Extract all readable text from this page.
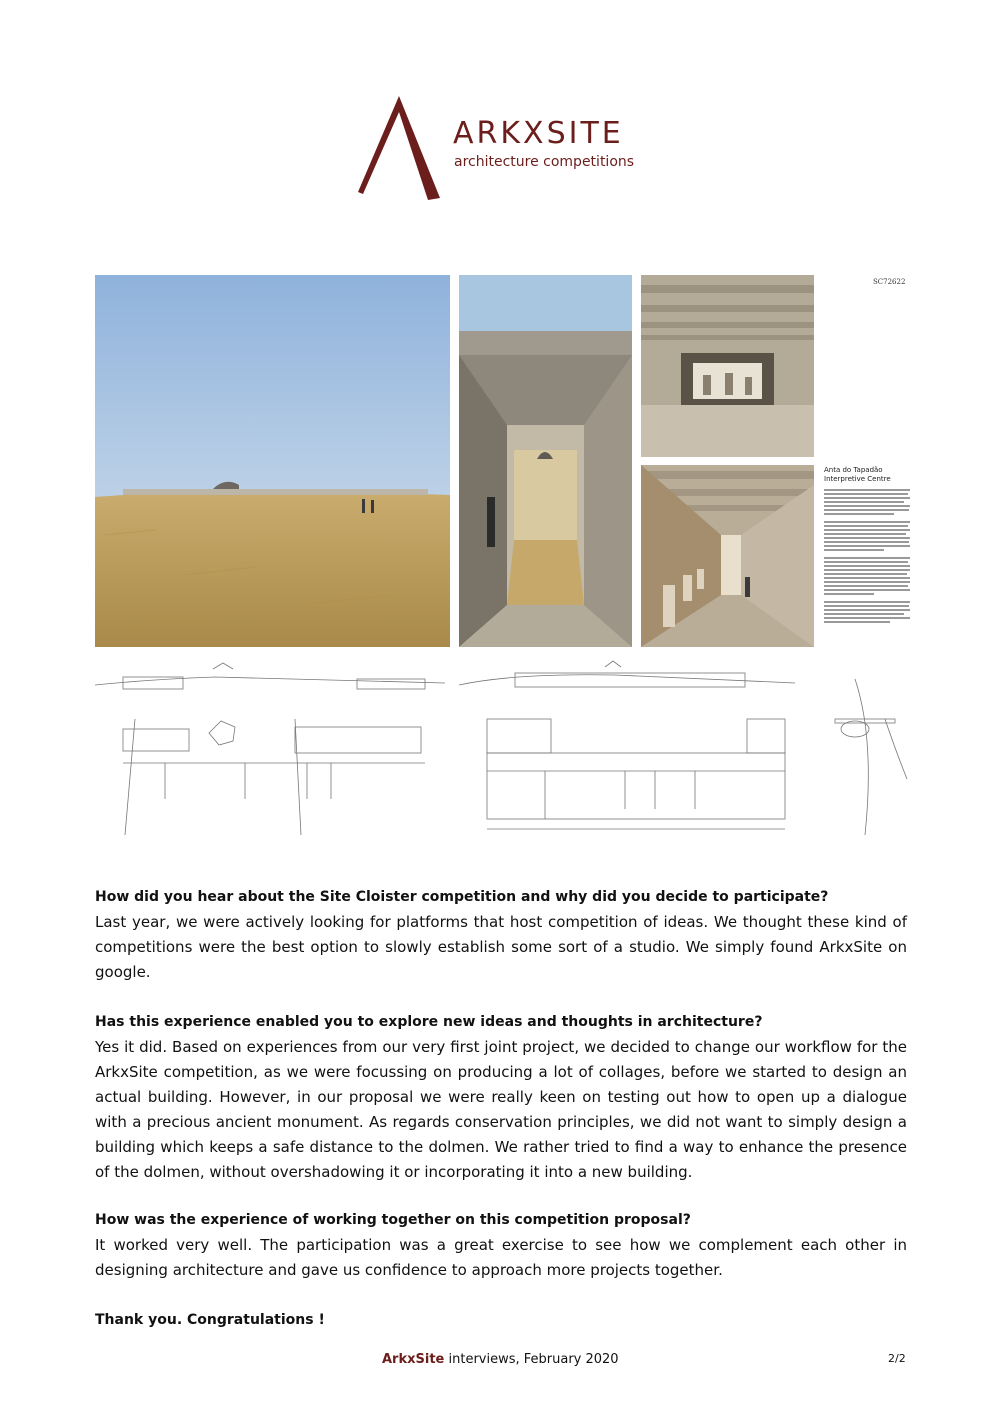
ARKXSITE
architecture competitions
SC72622
Anta do Tapadão
Interpretive Centre
How did you hear about the Site Cloister competition and why did you decide to participate?
Last year, we were actively looking for platforms that host competition of ideas. We thought these kind of competitions were the best option to slowly establish some sort of a studio. We simply found ArkxSite on google.
Has this experience enabled you to explore new ideas and thoughts in architecture?
Yes it did. Based on experiences from our very first joint project, we decided to change our workflow for the ArkxSite competition, as we were focussing on producing a lot of collages, before we started to design an actual building. However, in our proposal we were really keen on testing out how to open up a dialogue with a precious ancient monument. As regards conservation principles, we did not want to simply design a building which keeps a safe distance to the dolmen. We rather tried to find a way to enhance the presence of the dolmen, without overshadowing it or incorporating it into a new building.
How was the experience of working together on this competition proposal?
It worked very well. The participation was a great exercise to see how we complement each other in designing architecture and gave us confidence to approach more projects together.
Thank you. Congratulations !
ArkxSite interviews, February 2020	2/2
